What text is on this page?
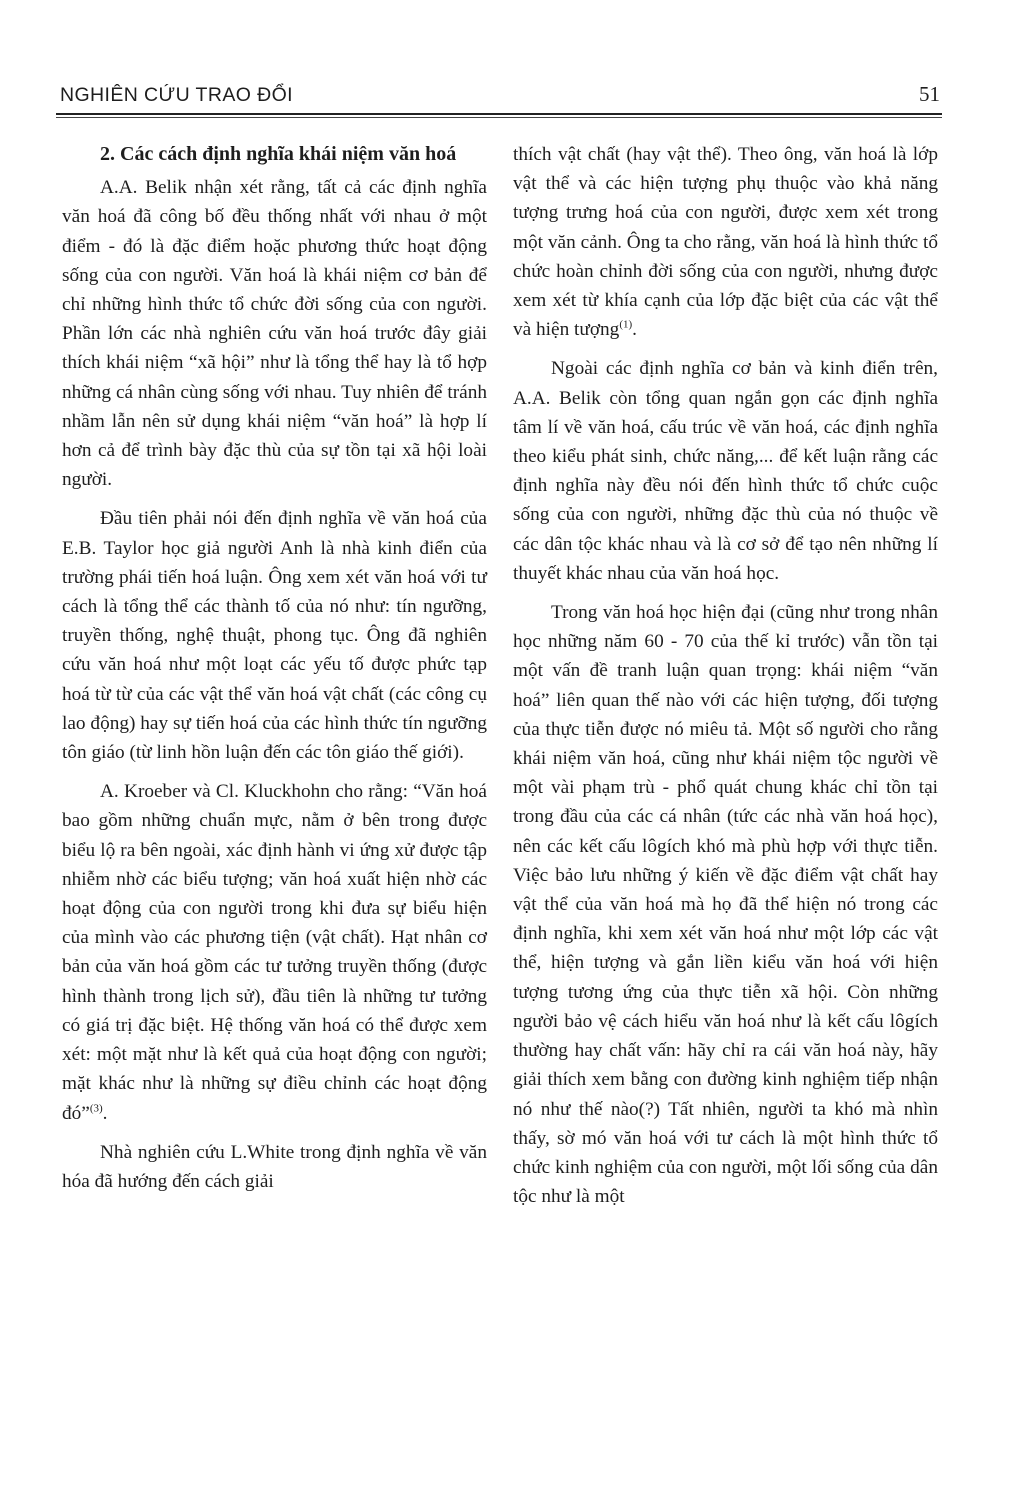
NGHIÊN CỨU TRAO ĐỔI	51
2. Các cách định nghĩa khái niệm văn hoá

A.A. Belik nhận xét rằng, tất cả các định nghĩa văn hoá đã công bố đều thống nhất với nhau ở một điểm - đó là đặc điểm hoặc phương thức hoạt động sống của con người. Văn hoá là khái niệm cơ bản để chỉ những hình thức tổ chức đời sống của con người. Phần lớn các nhà nghiên cứu văn hoá trước đây giải thích khái niệm “xã hội” như là tổng thể hay là tổ hợp những cá nhân cùng sống với nhau. Tuy nhiên để tránh nhầm lẫn nên sử dụng khái niệm “văn hoá” là hợp lí hơn cả để trình bày đặc thù của sự tồn tại xã hội loài người.

Đầu tiên phải nói đến định nghĩa về văn hoá của E.B. Taylor học giả người Anh là nhà kinh điển của trường phái tiến hoá luận. Ông xem xét văn hoá với tư cách là tổng thể các thành tố của nó như: tín ngưỡng, truyền thống, nghệ thuật, phong tục. Ông đã nghiên cứu văn hoá như một loạt các yếu tố được phức tạp hoá từ từ của các vật thể văn hoá vật chất (các công cụ lao động) hay sự tiến hoá của các hình thức tín ngưỡng tôn giáo (từ linh hồn luận đến các tôn giáo thế giới).

A. Kroeber và Cl. Kluckhohn cho rằng: “Văn hoá bao gồm những chuẩn mực, nằm ở bên trong được biểu lộ ra bên ngoài, xác định hành vi ứng xử được tập nhiễm nhờ các biểu tượng; văn hoá xuất hiện nhờ các hoạt động của con người trong khi đưa sự biểu hiện của mình vào các phương tiện (vật chất). Hạt nhân cơ bản của văn hoá gồm các tư tưởng truyền thống (được hình thành trong lịch sử), đầu tiên là những tư tưởng có giá trị đặc biệt. Hệ thống văn hoá có thể được xem xét: một mặt như là kết quả của hoạt động con người; mặt khác như là những sự điều chỉnh các hoạt động đó”$^{(3)}$.

Nhà nghiên cứu L.White trong định nghĩa về văn hóa đã hướng đến cách giải

thích vật chất (hay vật thể). Theo ông, văn hoá là lớp vật thể và các hiện tượng phụ thuộc vào khả năng tượng trưng hoá của con người, được xem xét trong một văn cảnh. Ông ta cho rằng, văn hoá là hình thức tổ chức hoàn chỉnh đời sống của con người, nhưng được xem xét từ khía cạnh của lớp đặc biệt của các vật thể và hiện tượng$^{(1)}$.

Ngoài các định nghĩa cơ bản và kinh điển trên, A.A. Belik còn tổng quan ngắn gọn các định nghĩa tâm lí về văn hoá, cấu trúc về văn hoá, các định nghĩa theo kiểu phát sinh, chức năng,... để kết luận rằng các định nghĩa này đều nói đến hình thức tổ chức cuộc sống của con người, những đặc thù của nó thuộc về các dân tộc khác nhau và là cơ sở để tạo nên những lí thuyết khác nhau của văn hoá học.

Trong văn hoá học hiện đại (cũng như trong nhân học những năm 60 - 70 của thế kỉ trước) vẫn tồn tại một vấn đề tranh luận quan trọng: khái niệm “văn hoá” liên quan thế nào với các hiện tượng, đối tượng của thực tiễn được nó miêu tả. Một số người cho rằng khái niệm văn hoá, cũng như khái niệm tộc người về một vài phạm trù - phổ quát chung khác chỉ tồn tại trong đầu của các cá nhân (tức các nhà văn hoá học), nên các kết cấu lôgích khó mà phù hợp với thực tiễn. Việc bảo lưu những ý kiến về đặc điểm vật chất hay vật thể của văn hoá mà họ đã thể hiện nó trong các định nghĩa, khi xem xét văn hoá như một lớp các vật thể, hiện tượng và gắn liền kiểu văn hoá với hiện tượng tương ứng của thực tiễn xã hội. Còn những người bảo vệ cách hiểu văn hoá như là kết cấu lôgích thường hay chất vấn: hãy chỉ ra cái văn hoá này, hãy giải thích xem bằng con đường kinh nghiệm tiếp nhận nó như thế nào(?) Tất nhiên, người ta khó mà nhìn thấy, sờ mó văn hoá với tư cách là một hình thức tổ chức kinh nghiệm của con người, một lối sống của dân tộc như là một
